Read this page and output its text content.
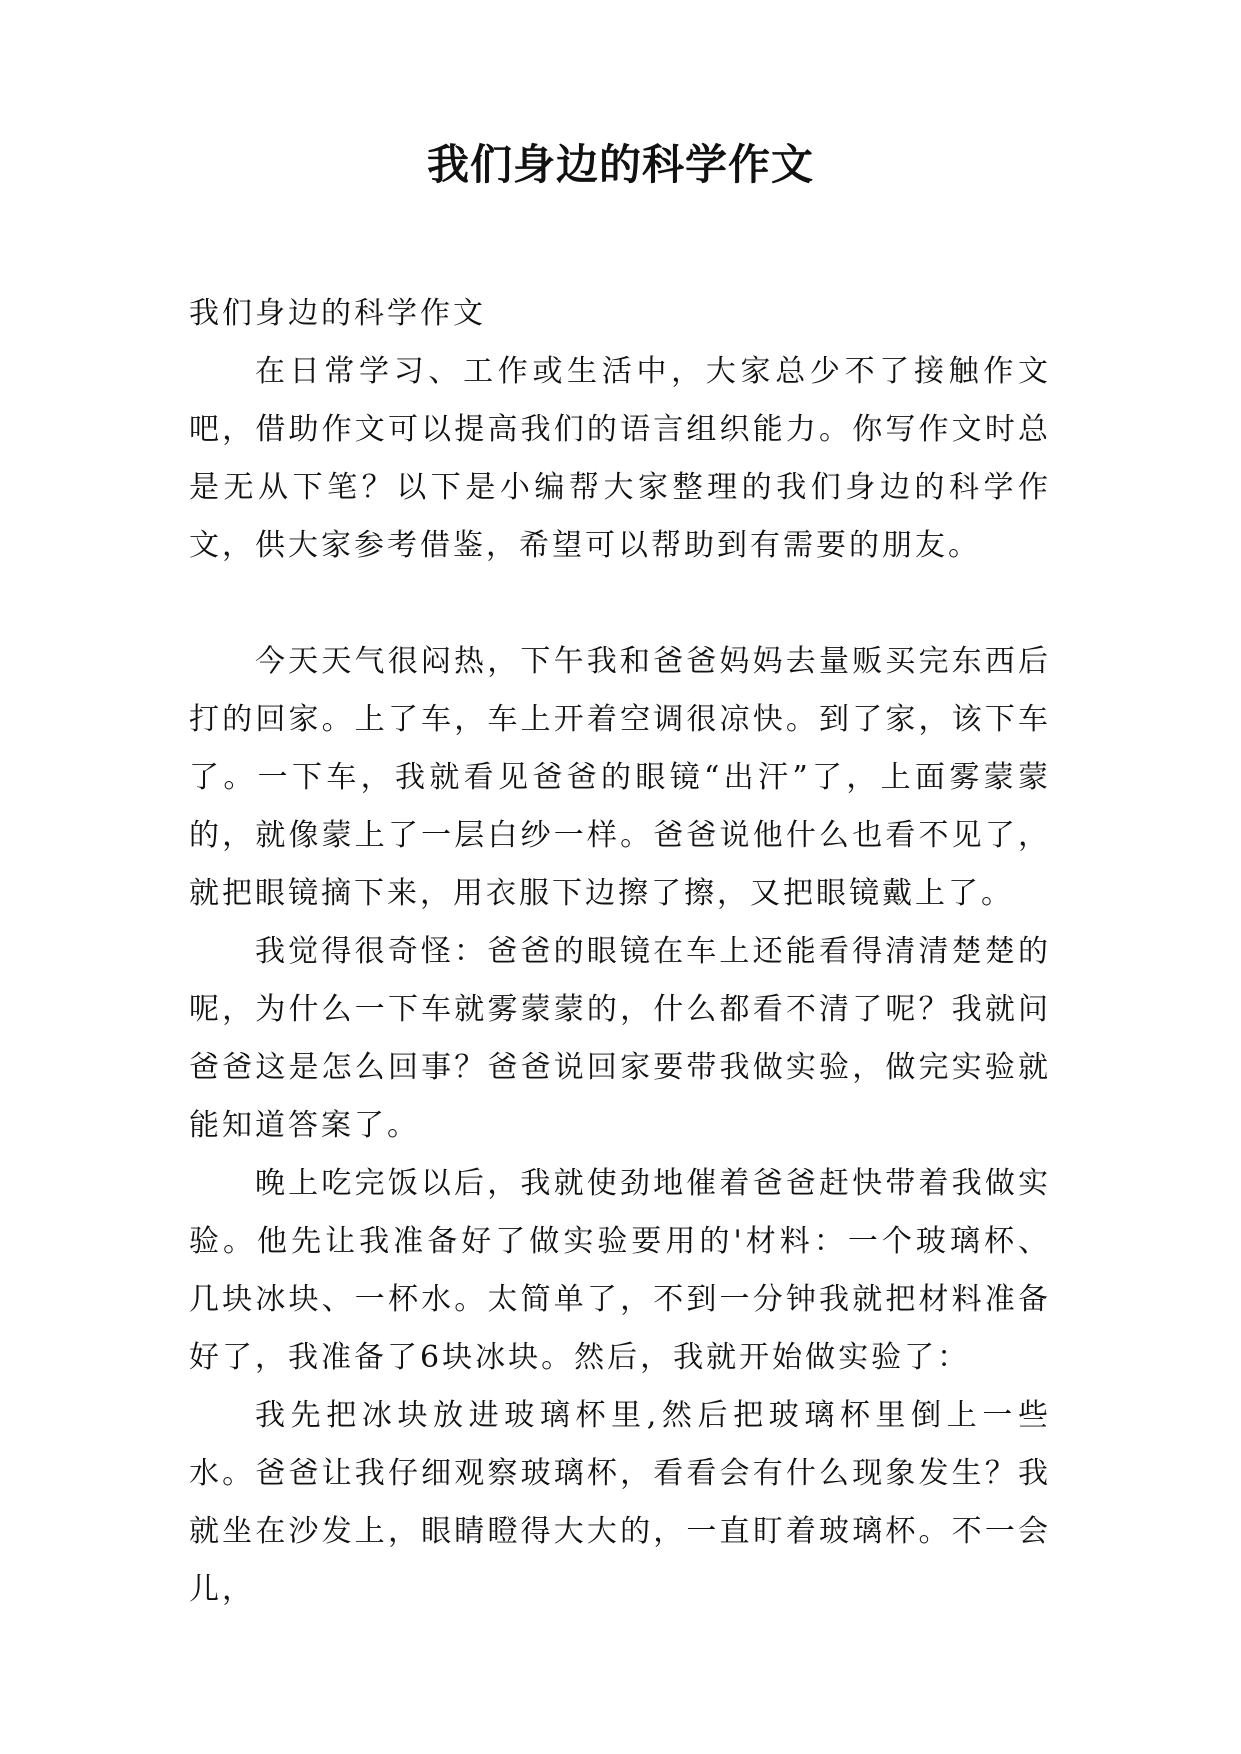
我们身边的科学作文

我们身边的科学作文

在日常学习、工作或生活中，大家总少不了接触作文吧，借助作文可以提高我们的语言组织能力。你写作文时总是无从下笔？以下是小编帮大家整理的我们身边的科学作文，供大家参考借鉴，希望可以帮助到有需要的朋友。

今天天气很闷热，下午我和爸爸妈妈去量贩买完东西后打的回家。上了车，车上开着空调很凉快。到了家，该下车了。一下车，我就看见爸爸的眼镜“出汗”了，上面雾蒙蒙的，就像蒙上了一层白纱一样。爸爸说他什么也看不见了，就把眼镜摘下来，用衣服下边擦了擦，又把眼镜戴上了。

我觉得很奇怪：爸爸的眼镜在车上还能看得清清楚楚的呢，为什么一下车就雾蒙蒙的，什么都看不清了呢？我就问爸爸这是怎么回事？爸爸说回家要带我做实验，做完实验就能知道答案了。

晚上吃完饭以后，我就使劲地催着爸爸赶快带着我做实验。他先让我准备好了做实验要用的'材料：一个玻璃杯、几块冰块、一杯水。太简单了，不到一分钟我就把材料准备好了，我准备了6块冰块。然后，我就开始做实验了：

我先把冰块放进玻璃杯里,然后把玻璃杯里倒上一些水。爸爸让我仔细观察玻璃杯，看看会有什么现象发生？我就坐在沙发上，眼睛瞪得大大的，一直盯着玻璃杯。不一会儿，
